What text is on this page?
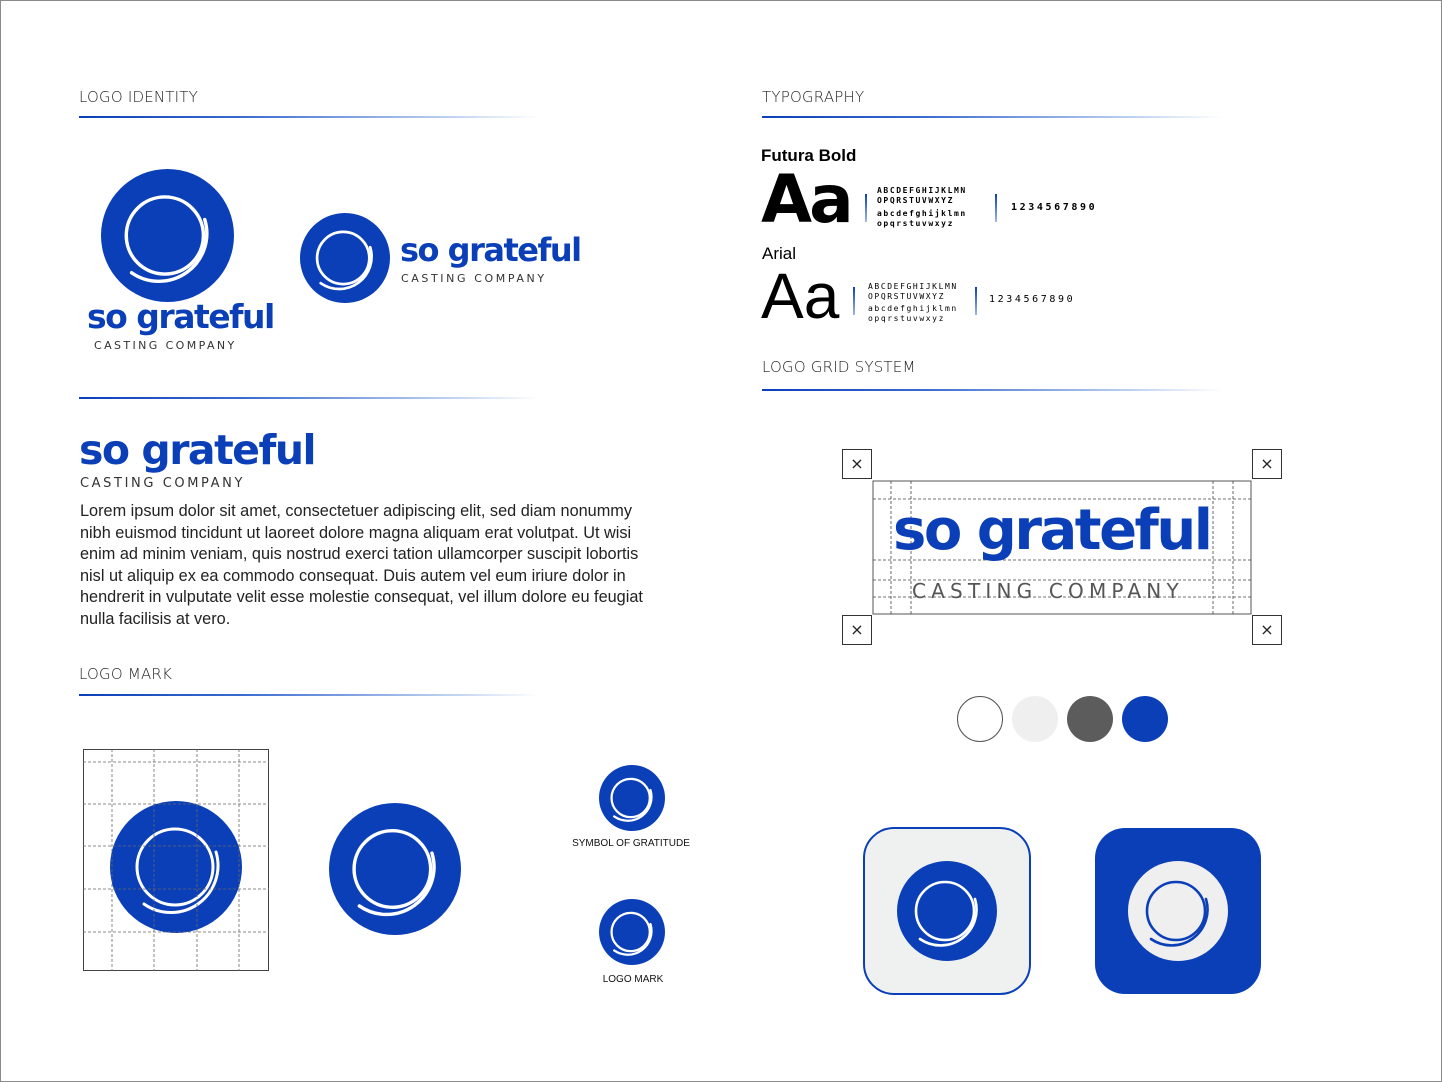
LOGO IDENTITY
so grateful
CASTING COMPANY
so grateful
CASTING COMPANY
so grateful
CASTING COMPANY
Lorem ipsum dolor sit amet, consectetuer adipiscing elit, sed diam nonummy nibh euismod tincidunt ut laoreet dolore magna aliquam erat volutpat. Ut wisi enim ad minim veniam, quis nostrud exerci tation ullamcorper suscipit lobortis nisl ut aliquip ex ea commodo consequat. Duis autem vel eum iriure dolor in hendrerit in vulputate velit esse molestie consequat, vel illum dolore eu feugiat nulla facilisis at vero.
LOGO MARK
SYMBOL OF GRATITUDE
LOGO MARK
TYPOGRAPHY
Futura Bold
Aa	ABCDEFGHIJKLMN
OPQRSTUVWXYZ
abcdefghijklmn
opqrstuvwxyz
1234567890
Arial
Aa	ABCDEFGHIJKLMN
OPQRSTUVWXYZ
abcdefghijklmn
opqrstuvwxyz
1234567890
LOGO GRID SYSTEM
so grateful
CASTING COMPANY
×	×
×	×
